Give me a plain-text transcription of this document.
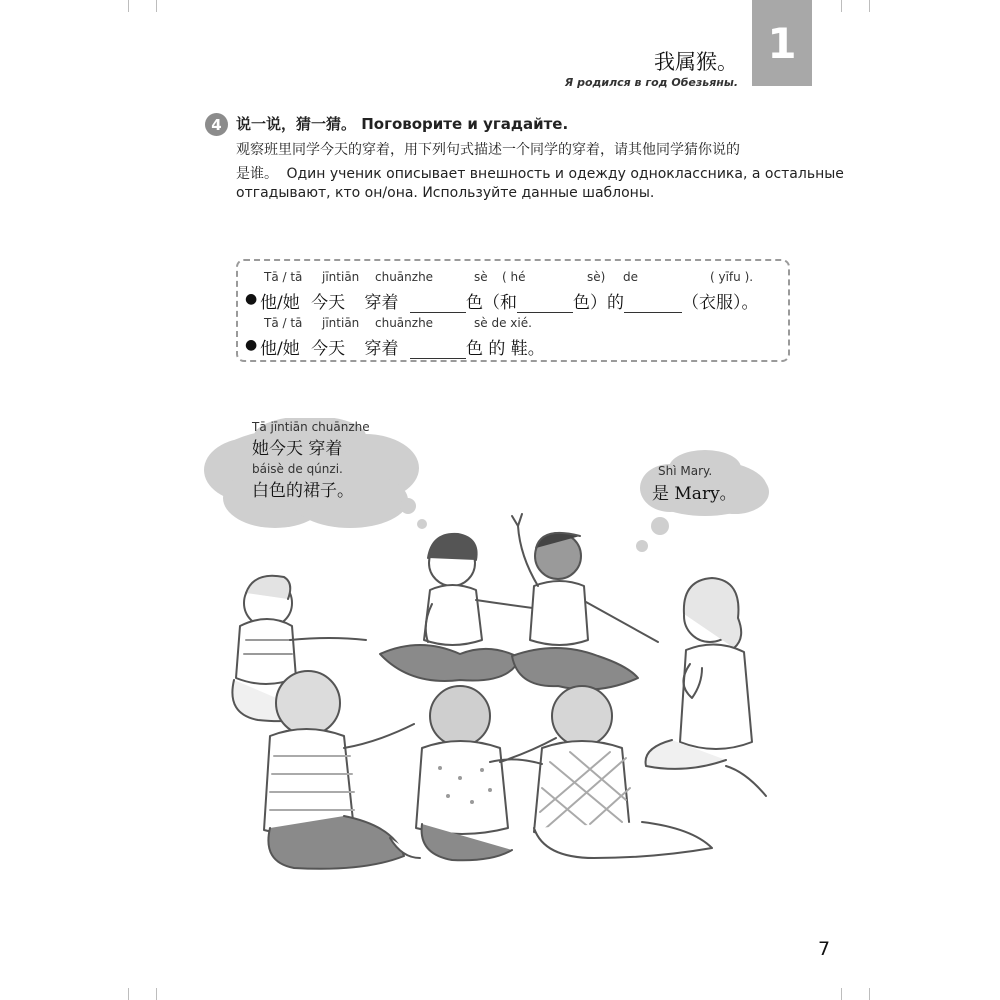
我属猴。
Я родился в год Обезьяны.
1
4 说一说，猜一猜。 Поговорите и угадайте.
观察班里同学今天的穿着，用下列句式描述一个同学的穿着，请其他同学猜你说的
是谁。 Один ученик описывает внешность и одежду одноклассника, а остальные
отгадывают, кто он/она. Используйте данные шаблоны.
Tā / tā jīntiān chuānzhe	sè ( hé	sè) de	( yīfu ).
● 他/她 今天 穿着	色（和	色）的	（衣服）。
Tā / tā jīntiān chuānzhe	sè de xié.
● 他/她 今天 穿着	色 的 鞋。
Tā jīntiān chuānzhe
她今天 穿着
báisè de qúnzi.
白色的裙子。
Shì Mary.
是 Mary。
7
